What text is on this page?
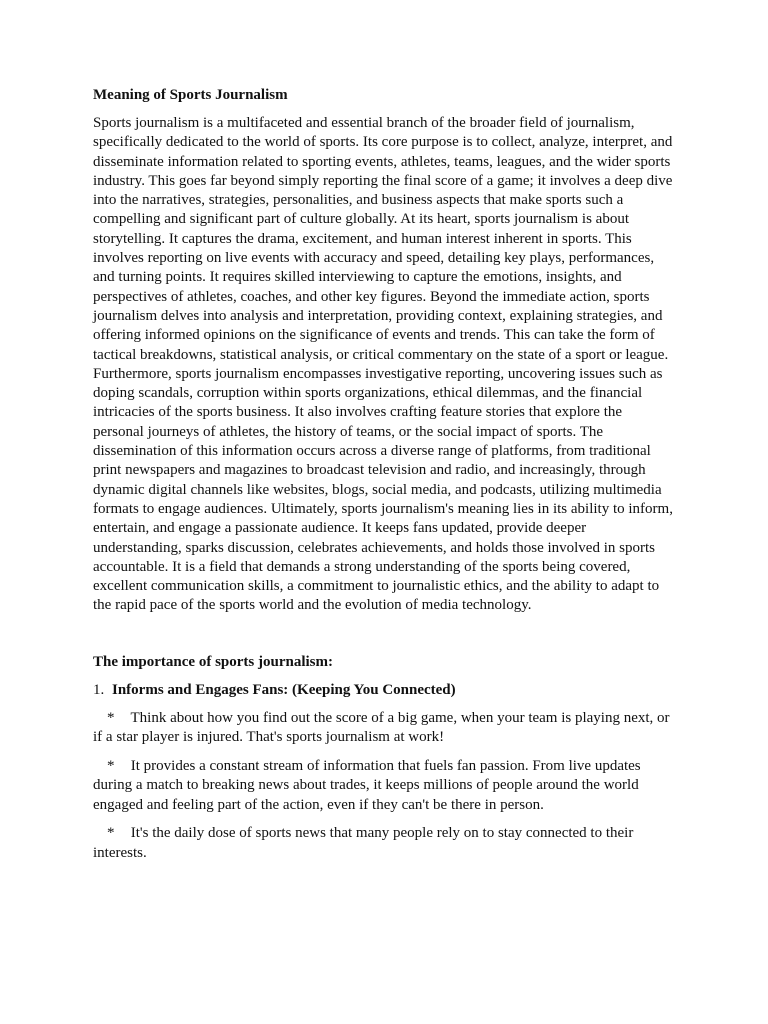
Meaning of Sports Journalism

Sports journalism is a multifaceted and essential branch of the broader field of journalism, specifically dedicated to the world of sports. Its core purpose is to collect, analyze, interpret, and disseminate information related to sporting events, athletes, teams, leagues, and the wider sports industry. This goes far beyond simply reporting the final score of a game; it involves a deep dive into the narratives, strategies, personalities, and business aspects that make sports such a compelling and significant part of culture globally. At its heart, sports journalism is about storytelling. It captures the drama, excitement, and human interest inherent in sports. This involves reporting on live events with accuracy and speed, detailing key plays, performances, and turning points. It requires skilled interviewing to capture the emotions, insights, and perspectives of athletes, coaches, and other key figures. Beyond the immediate action, sports journalism delves into analysis and interpretation, providing context, explaining strategies, and offering informed opinions on the significance of events and trends. This can take the form of tactical breakdowns, statistical analysis, or critical commentary on the state of a sport or league. Furthermore, sports journalism encompasses investigative reporting, uncovering issues such as doping scandals, corruption within sports organizations, ethical dilemmas, and the financial intricacies of the sports business. It also involves crafting feature stories that explore the personal journeys of athletes, the history of teams, or the social impact of sports. The dissemination of this information occurs across a diverse range of platforms, from traditional print newspapers and magazines to broadcast television and radio, and increasingly, through dynamic digital channels like websites, blogs, social media, and podcasts, utilizing multimedia formats to engage audiences. Ultimately, sports journalism's meaning lies in its ability to inform, entertain, and engage a passionate audience. It keeps fans updated, provide deeper understanding, sparks discussion, celebrates achievements, and holds those involved in sports accountable. It is a field that demands a strong understanding of the sports being covered, excellent communication skills, a commitment to journalistic ethics, and the ability to adapt to the rapid pace of the sports world and the evolution of media technology.

The importance of sports journalism:

1. Informs and Engages Fans: (Keeping You Connected)

* Think about how you find out the score of a big game, when your team is playing next, or if a star player is injured. That's sports journalism at work!

* It provides a constant stream of information that fuels fan passion. From live updates during a match to breaking news about trades, it keeps millions of people around the world engaged and feeling part of the action, even if they can't be there in person.

* It's the daily dose of sports news that many people rely on to stay connected to their interests.
